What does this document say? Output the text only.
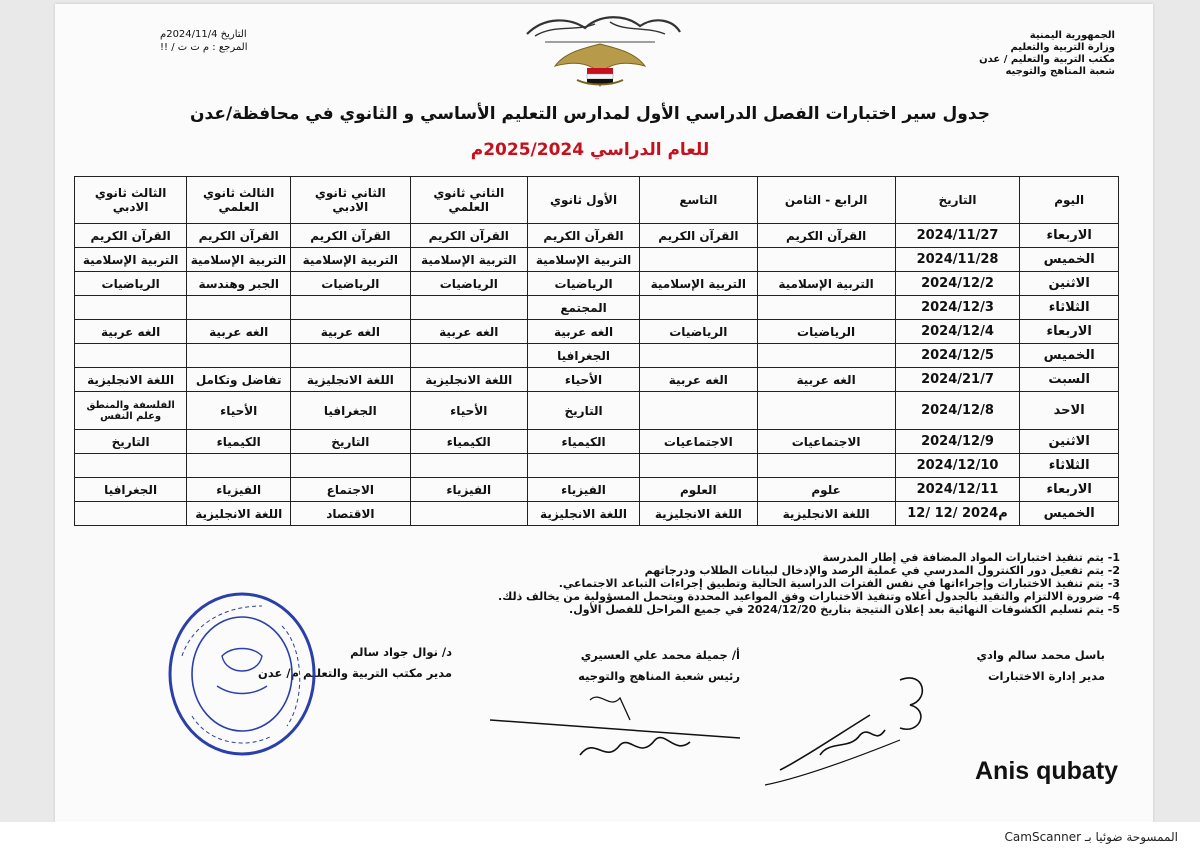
الجمهورية اليمنية
وزارة التربية والتعليم
مكتب التربية والتعليم / عدن
شعبة المناهج والتوجيه
التاريخ 2024/11/4م
المرجع : م ت ت / !!
جدول سير اختبارات الفصل الدراسي الأول لمدارس التعليم الأساسي و الثانوي في محافظة/عدن
للعام الدراسي 2025/2024م
اليوم	التاريخ	الرابع - الثامن	التاسع	الأول ثانوي	الثاني ثانوي العلمي	الثاني ثانوي الادبي	الثالث ثانوي العلمي	الثالث ثانوي الادبي
الاربعاء	2024/11/27	القرآن الكريم	القرآن الكريم	القرآن الكريم	القرآن الكريم	القرآن الكريم	القرآن الكريم	القرآن الكريم
الخميس	2024/11/28			التربية الإسلامية	التربية الإسلامية	التربية الإسلامية	التربية الإسلامية	التربية الإسلامية
الاثنين	2024/12/2	التربية الإسلامية	التربية الإسلامية	الرياضيات	الرياضيات	الرياضيات	الجبر وهندسة	الرياضيات
الثلاثاء	2024/12/3			المجتمع				
الاربعاء	2024/12/4	الرياضيات	الرياضيات	الغه عربية	الغه عربية	الغه عربية	الغه عربية	الغه عربية
الخميس	2024/12/5			الجغرافيا				
السبت	2024/21/7	الغه عربية	الغه عربية	الأحياء	اللغة الانجليزية	اللغة الانجليزية	تفاضل وتكامل	اللغة الانجليزية
الاحد	2024/12/8			التاريخ	الأحياء	الجغرافيا	الأحياء	الفلسفة والمنطق وعلم النفس
الاثنين	2024/12/9	الاجتماعيات	الاجتماعيات	الكيمياء	الكيمياء	التاريخ	الكيمياء	التاريخ
الثلاثاء	2024/12/10							
الاربعاء	2024/12/11	علوم	العلوم	الفيزياء	الفيزياء	الاجتماع	الفيزياء	الجغرافيا
الخميس	12/ 12/ 2024م	اللغة الانجليزية	اللغة الانجليزية	اللغة الانجليزية		الاقتصاد	اللغة الانجليزية	
1- يتم تنفيذ اختبارات المواد المضافة في إطار المدرسة
2- يتم تفعيل دور الكنترول المدرسي في عملية الرصد والإدخال لبيانات الطلاب ودرجاتهم
3- يتم تنفيذ الاختبارات وإجراءاتها في نفس الفترات الدراسية الحالية وتطبيق إجراءات التباعد الاجتماعي.
4- ضرورة الالتزام والتقيد بالجدول أعلاه وتنفيذ الاختبارات وفق المواعيد المحددة ويتحمل المسؤولية من يخالف ذلك.
5- يتم تسليم الكشوفات النهائية بعد إعلان النتيجة بتاريخ 2024/12/20 في جميع المراحل للفصل الأول.
باسل محمد سالم وادي
مدير إدارة الاختبارات
أ/ جميلة محمد علي العسيري
رئيس شعبة المناهج والتوجيه
د/ نوال جواد سالم
مدير مكتب التربية والتعليم م/ عدن
Anis qubaty
الممسوحة ضوئيا بـ CamScanner
